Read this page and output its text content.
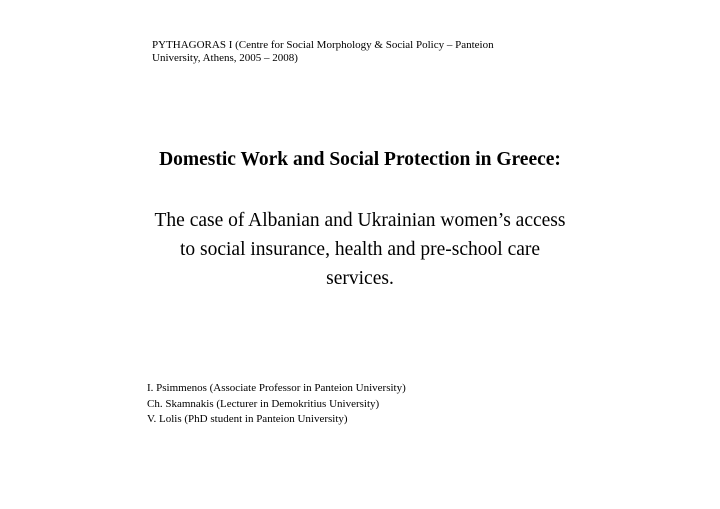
PYTHAGORAS I (Centre for Social Morphology & Social Policy – Panteion
University, Athens, 2005 – 2008)
Domestic Work and Social Protection in Greece:
The case of Albanian and Ukrainian women’s access
to social insurance, health and pre-school care
services.
I. Psimmenos (Associate Professor in Panteion University)
Ch. Skamnakis (Lecturer in Demokritius University)
V. Lolis (PhD student in Panteion University)
